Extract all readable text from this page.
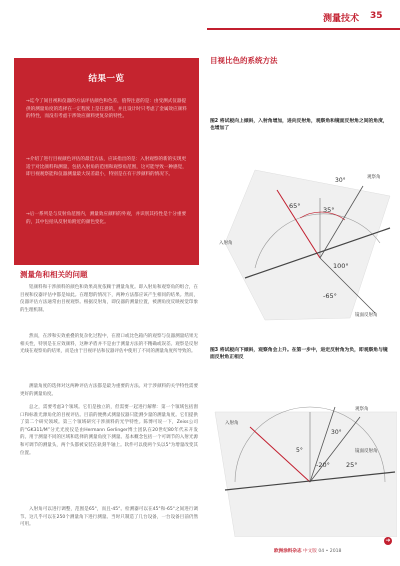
测量技术 35
结果一览
→迄今了间目视和仪器的方法评估颜色和色差，值得注意的是：由受测式仪器提供的测量角度的选择在一定程度上是任意的，并且设计时只考虑了金属效应颜料的特性，而没有考虑干涉效应颜料更复杂的特性。
→介绍了进行目视颜色评估的最佳方法，应该指出的是：入射观察的新的实现更适于对比颜料和测量，包括入射角的范围和观察角范围，这可能导致一种感觉，即目视观察能和仪器测量最大误差最小，特别是在有干涉颜料的情况下。
→后一系列是与反射角范围内，测量效应颜料的外观，并识别其持性是十分重要的，其中包括从反射角附近的颜色变化。
测量角和相关的问题
铝颜料和干涉颜料的颜色和效果高度依赖于测量角度。即入射角和观察角的组合，在目视和仪器评估中都是如此。在理想的情况下，两种方法都应该产生相同的结果。然而，仪器评估方法通常由目视观察。根据反射角，即仪器的测量位置，被测角度反映视觉印象的生理机制。
然而，在涉和实效重叠的复杂化过程中，在窗口或比色箱内的观察与仪器测量结果无相关性，特别是在应效颜料，这种矛盾并不是由于测量方法的不精确或误差。观察是反射光线在观察角的结果，而是由于目视评估和仪器评估中使用了不同的测量角度所导致的。
测量角度的选择对这两种评估方法都是最为重要的方法。对于涉颜料的关学特性需要更好的测量角度。
总之，需要考虑3个领域。它们是独立的，但需要一起进行解释：第一个领域包括窗口和标准光源角化的目视评估。目前的便携式测量仪器只能测少量的测量角度。它们提供了第二个研究领域。第三个领域研究干涉颜料的光学特性。陈博可说一下，Zeiss公司的“GK311/M”分光光度仪是由Hermann Gerlinger博士团队在20世纪80年代末开发的。用于测量不同的区域和选择的测量角度下测量。基本概念包括一个可调节的入射光源和可调节的测量头，两个头都被安装在轨刻半轴上。软件可以使两个头以5°为增量改变其位置。
入射角可以进行调整，范围是65°，而且-45°。检测器可以在45°和-65°之间进行调节。这几乎可以在250个测量角下进行测量。当时只制造了几台设备，一台设备目前仍然可用。
目视比色的系统方法
图2 将试板向上倾斜，入射角增加，进向反射角，观察角和镜面反射角之间的角度，也增加了
30°
65°	35°
100°
-65°
观察角
入射角
镜面反射角
图3 将试板向下倾斜，观察角会上升。在第一步中，进定反射角为负，即观察角与镜面反射角正相反
入射角
观察角
镜面反射角
30°
5°
-20° 25°
➜
欧洲涂料杂志 中文版 04 • 2018
